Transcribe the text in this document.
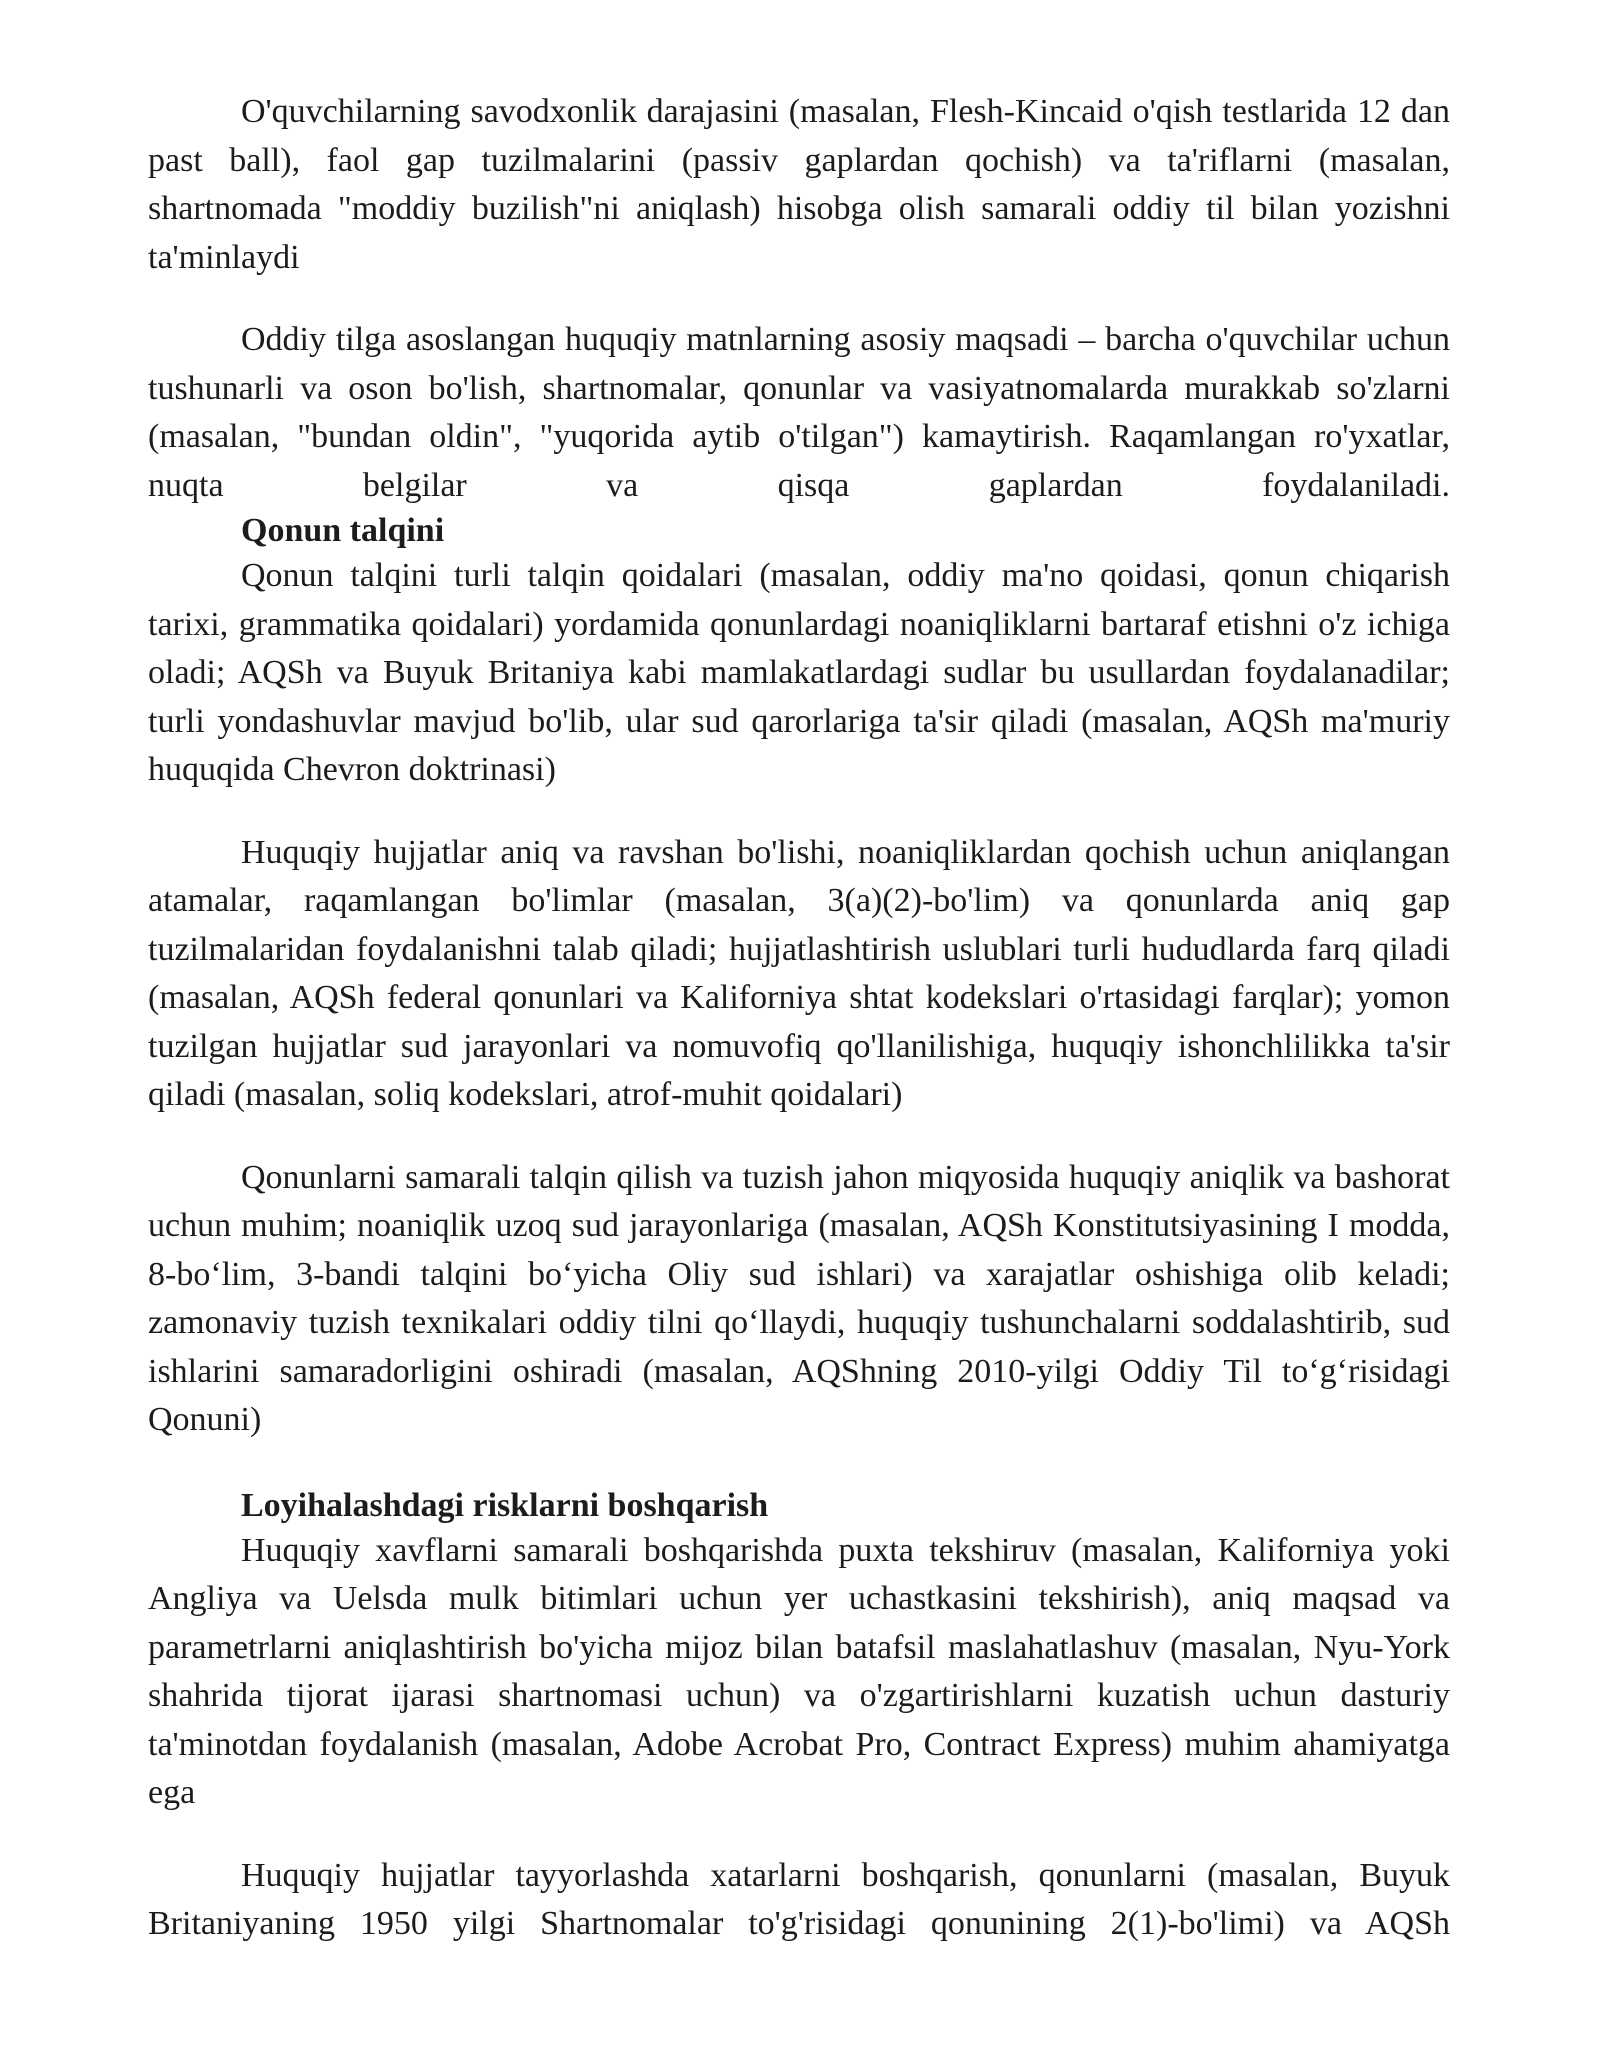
O'quvchilarning savodxonlik darajasini (masalan, Flesh-Kincaid o'qish testlarida 12 dan past ball), faol gap tuzilmalarini (passiv gaplardan qochish) va ta'riflarni (masalan, shartnomada "moddiy buzilish"ni aniqlash) hisobga olish samarali oddiy til bilan yozishni ta'minlaydi

Oddiy tilga asoslangan huquqiy matnlarning asosiy maqsadi – barcha o'quvchilar uchun tushunarli va oson bo'lish, shartnomalar, qonunlar va vasiyatnomalarda murakkab so'zlarni (masalan, "bundan oldin", "yuqorida aytib o'tilgan") kamaytirish. Raqamlangan ro'yxatlar, nuqta belgilar va qisqa gaplardan foydalaniladi.

Qonun talqini

Qonun talqini turli talqin qoidalari (masalan, oddiy ma'no qoidasi, qonun chiqarish tarixi, grammatika qoidalari) yordamida qonunlardagi noaniqliklarni bartaraf etishni o'z ichiga oladi; AQSh va Buyuk Britaniya kabi mamlakatlardagi sudlar bu usullardan foydalanadilar; turli yondashuvlar mavjud bo'lib, ular sud qarorlariga ta'sir qiladi (masalan, AQSh ma'muriy huquqida Chevron doktrinasi)

Huquqiy hujjatlar aniq va ravshan bo'lishi, noaniqliklardan qochish uchun aniqlangan atamalar, raqamlangan bo'limlar (masalan, 3(a)(2)-bo'lim) va qonunlarda aniq gap tuzilmalaridan foydalanishni talab qiladi; hujjatlashtirish uslublari turli hududlarda farq qiladi (masalan, AQSh federal qonunlari va Kaliforniya shtat kodekslari o'rtasidagi farqlar); yomon tuzilgan hujjatlar sud jarayonlari va nomuvofiq qo'llanilishiga, huquqiy ishonchlilikka ta'sir qiladi (masalan, soliq kodekslari, atrof-muhit qoidalari)

Qonunlarni samarali talqin qilish va tuzish jahon miqyosida huquqiy aniqlik va bashorat uchun muhim; noaniqlik uzoq sud jarayonlariga (masalan, AQSh Konstitutsiyasining I modda, 8-bo‘lim, 3-bandi talqini bo‘yicha Oliy sud ishlari) va xarajatlar oshishiga olib keladi; zamonaviy tuzish texnikalari oddiy tilni qo‘llaydi, huquqiy tushunchalarni soddalashtirib, sud ishlarini samaradorligini oshiradi (masalan, AQShning 2010-yilgi Oddiy Til to‘g‘risidagi Qonuni)

Loyihalashdagi risklarni boshqarish

Huquqiy xavflarni samarali boshqarishda puxta tekshiruv (masalan, Kaliforniya yoki Angliya va Uelsda mulk bitimlari uchun yer uchastkasini tekshirish), aniq maqsad va parametrlarni aniqlashtirish bo'yicha mijoz bilan batafsil maslahatlashuv (masalan, Nyu-York shahrida tijorat ijarasi shartnomasi uchun) va o'zgartirishlarni kuzatish uchun dasturiy ta'minotdan foydalanish (masalan, Adobe Acrobat Pro, Contract Express) muhim ahamiyatga ega

Huquqiy hujjatlar tayyorlashda xatarlarni boshqarish, qonunlarni (masalan, Buyuk Britaniyaning 1950 yilgi Shartnomalar to'g'risidagi qonunining 2(1)-bo'limi) va AQSh
